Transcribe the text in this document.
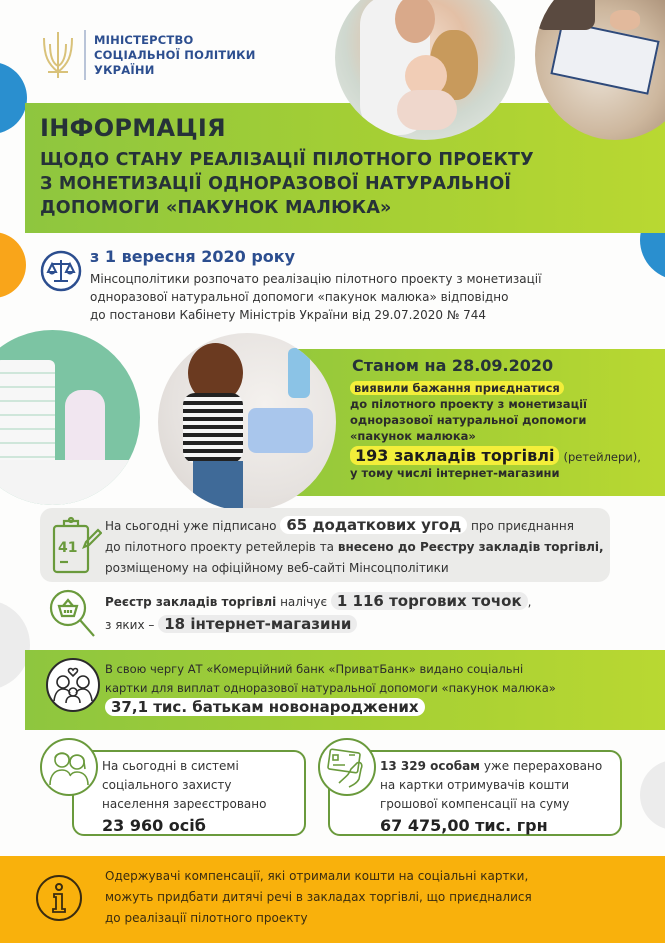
МІНІСТЕРСТВО
СОЦІАЛЬНОЇ ПОЛІТИКИ
УКРАЇНИ
ІНФОРМАЦІЯ
ЩОДО СТАНУ РЕАЛІЗАЦІЇ ПІЛОТНОГО ПРОЕКТУ
З МОНЕТИЗАЦІЇ ОДНОРАЗОВОЇ НАТУРАЛЬНОЇ
ДОПОМОГИ «ПАКУНОК МАЛЮКА»
з 1 вересня 2020 року
Мінсоцполітики розпочато реалізацію пілотного проекту з монетизації
одноразової натуральної допомоги «пакунок малюка» відповідно
до постанови Кабінету Міністрів України від 29.07.2020 № 744
Станом на 28.09.2020
виявили бажання приєднатися
до пілотного проекту з монетизації
одноразової натуральної допомоги
«пакунок малюка»
193 закладів торгівлі (ретейлери),
у тому числі інтернет-магазини
41
На сьогодні уже підписано 65 додаткових угод про приєднання
до пілотного проекту ретейлерів та внесено до Реєстру закладів торгівлі,
розміщеному на офіційному веб-сайті Мінсоцполітики
Реєстр закладів торгівлі налічує 1 116 торгових точок ,
з яких – 18 інтернет-магазини
В свою чергу АТ «Комерційний банк «ПриватБанк» видано соціальні
картки для виплат одноразової натуральної допомоги «пакунок малюка»
37,1 тис. батькам новонароджених
На сьогодні в системі
соціального захисту
населення зареєстровано
23 960 осіб
13 329 особам уже перераховано
на картки отримувачів кошти
грошової компенсації на суму
67 475,00 тис. грн
Одержувачі компенсації, які отримали кошти на соціальні картки,
можуть придбати дитячі речі в закладах торгівлі, що приєдналися
до реалізації пілотного проекту
